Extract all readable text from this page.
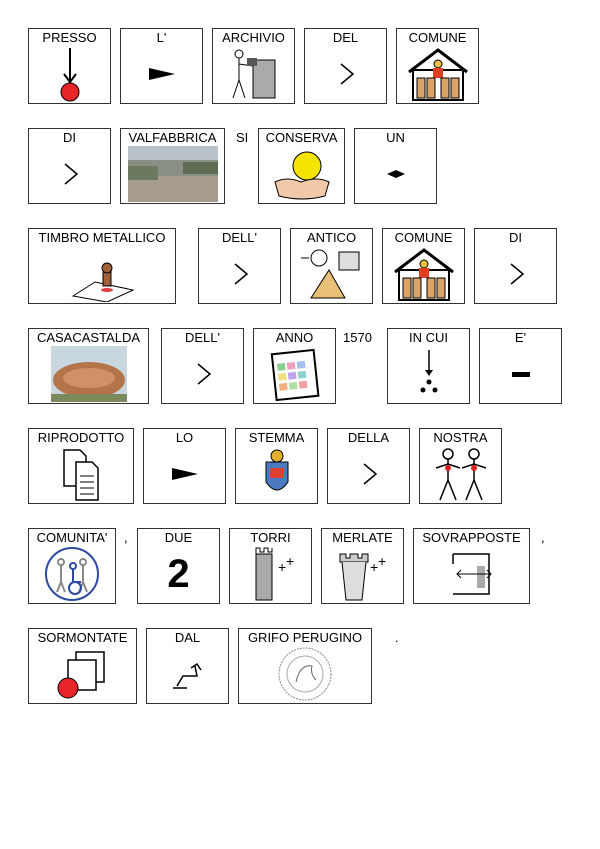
PRESSO	L'	ARCHIVIO	DEL	COMUNE
DI	VALFABBRICA	SI	CONSERVA	UN
TIMBRO METALLICO	DELL'	ANTICO	COMUNE	DI
CASACASTALDA	DELL'	ANNO	1570	IN CUI	E'
RIPRODOTTO	LO	STEMMA	DELLA	NOSTRA
COMUNITA'	,	DUE
2
TORRI
+ +
MERLATE
+ +
SOVRAPPOSTE	,
SORMONTATE	DAL	GRIFO PERUGINO	.
